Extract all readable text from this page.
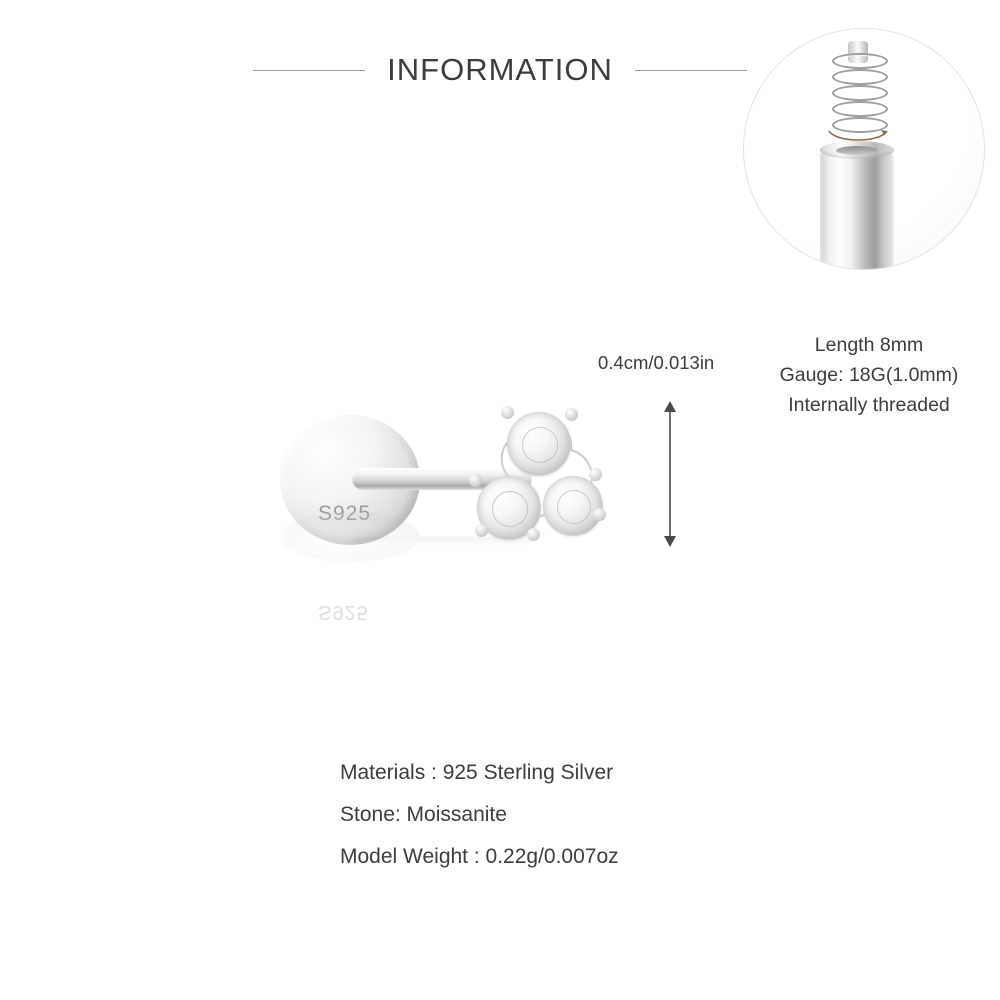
INFORMATION
Length 8mm
Gauge: 18G(1.0mm)
Internally threaded
0.4cm/0.013in
S925
S925
Materials : 925 Sterling Silver
Stone: Moissanite
Model Weight : 0.22g/0.007oz
